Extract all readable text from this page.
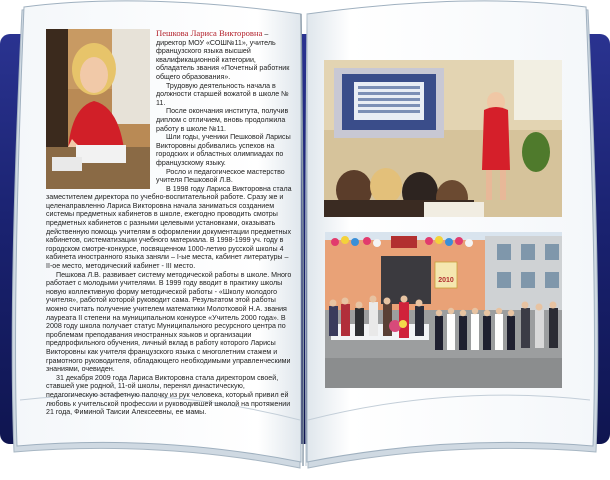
Пешкова Лариса Викторовна – директор МОУ «СОШ№11», учитель французского языка высшей квалификационной категории, обладатель звания «Почетный работник общего образования».
Трудовую деятельность начала в должности старшей вожатой в школе № 11.
После окончания института, получив диплом с отличием, вновь продолжила работу в школе №11.
Шли годы, ученики Пешковой Ларисы Викторовны добивались успехов на городских и областных олимпиадах по французскому языку.
Росло и педагогическое мастерство учителя Пешковой Л.В.
В 1998 году Ларисa Викторовна стала заместителем директора по учебно-воспитательной работе. Сразу же и целенаправленно Лариса Викторовна начала заниматься созданием системы предметных кабинетов в школе, ежегодно проводить смотры предметных кабинетов с разными целевыми установками, оказывать действенную помощь учителям в оформлении документации предметных кабинетов, систематизации учебного материала. В 1998-1999 уч. году в городском смотре-конкурсе, посвященном 1000-летию русской школы 4 кабинета иностранного языка заняли – I-ые места, кабинет литературы – II-ое место, методический кабинет - III место.
Пешкова Л.В. развивает систему методической работы в школе. Много работает с молодыми учителями. В 1999 году вводит в практику школы новую коллективную форму методической работы - «Школу молодого учителя», работой которой руководит сама. Результатом этой работы можно считать получение учителем математики Молотковой Н.А. звания лауреата II степени на муниципальном конкурсе «Учитель 2000 года». В 2008 году школа получает статус Муниципального ресурсного центра по проблемам преподавания иностранных языков и организации предпрофильного обучения, личный вклад в работу которого Ларисы Викторовны как учителя французского языка с многолетним стажем и грамотного руководителя, обладающего необходимыми управленческими знаниями, очевиден.
31 декабря 2009 года Лариса Викторовна стала директором своей, ставшей уже родной, 11-ой школы, перенял династическую, педагогическую эстафетную палочку из рук человека, который привил ей любовь к учительской профессии и руководившей школой на протяжении 21 года, Фиминой Таисии Алексеевны, ее мамы.
2010
